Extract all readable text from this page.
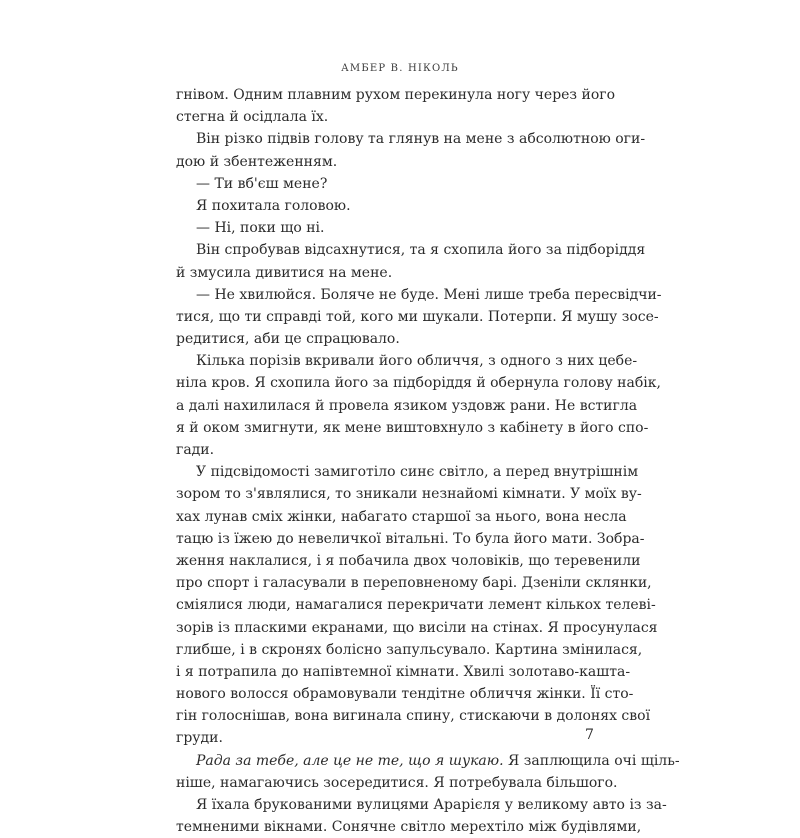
АМБЕР В. НІКОЛЬ
гнівом. Одним плавним рухом перекинула ногу через його
стегна й осідлала їх.
Він різко підвів голову та глянув на мене з абсолютною оги-
дою й збентеженням.
— Ти вб'єш мене?
Я похитала головою.
— Ні, поки що ні.
Він спробував відсахнутися, та я схопила його за підборіддя
й змусила дивитися на мене.
— Не хвилюйся. Боляче не буде. Мені лише треба пересвідчи-
тися, що ти справді той, кого ми шукали. Потерпи. Я мушу зосе-
редитися, аби це спрацювало.
Кілька порізів вкривали його обличчя, з одного з них цебе-
ніла кров. Я схопила його за підборіддя й обернула голову набік,
а далі нахилилася й провела язиком уздовж рани. Не встигла
я й оком змигнути, як мене виштовхнуло з кабінету в його спо-
гади.
У підсвідомості замиготіло синє світло, а перед внутрішнім
зором то з'являлися, то зникали незнайомі кімнати. У моїх ву-
хах лунав сміх жінки, набагато старшої за нього, вона несла
тацю із їжею до невеличкої вітальні. То була його мати. Зобра-
ження наклалися, і я побачила двох чоловіків, що теревенили
про спорт і галасували в переповненому барі. Дзеніли склянки,
сміялися люди, намагалися перекричати лемент кількох телеві-
зорів із пласкими екранами, що висіли на стінах. Я просунулася
глибше, і в скронях болісно запульсувало. Картина змінилася,
і я потрапила до напівтемної кімнати. Хвилі золотаво-кашта-
нового волосся обрамовували тендітне обличчя жінки. Її сто-
гін голоснішав, вона вигинала спину, стискаючи в долонях свої
груди.
Рада за тебе, але це не те, що я шукаю. Я заплющила очі щіль-
ніше, намагаючись зосередитися. Я потребувала більшого.
Я їхала брукованими вулицями Арарієля у великому авто із за-
темненими вікнами. Сонячне світло мерехтіло між будівлями,
7
